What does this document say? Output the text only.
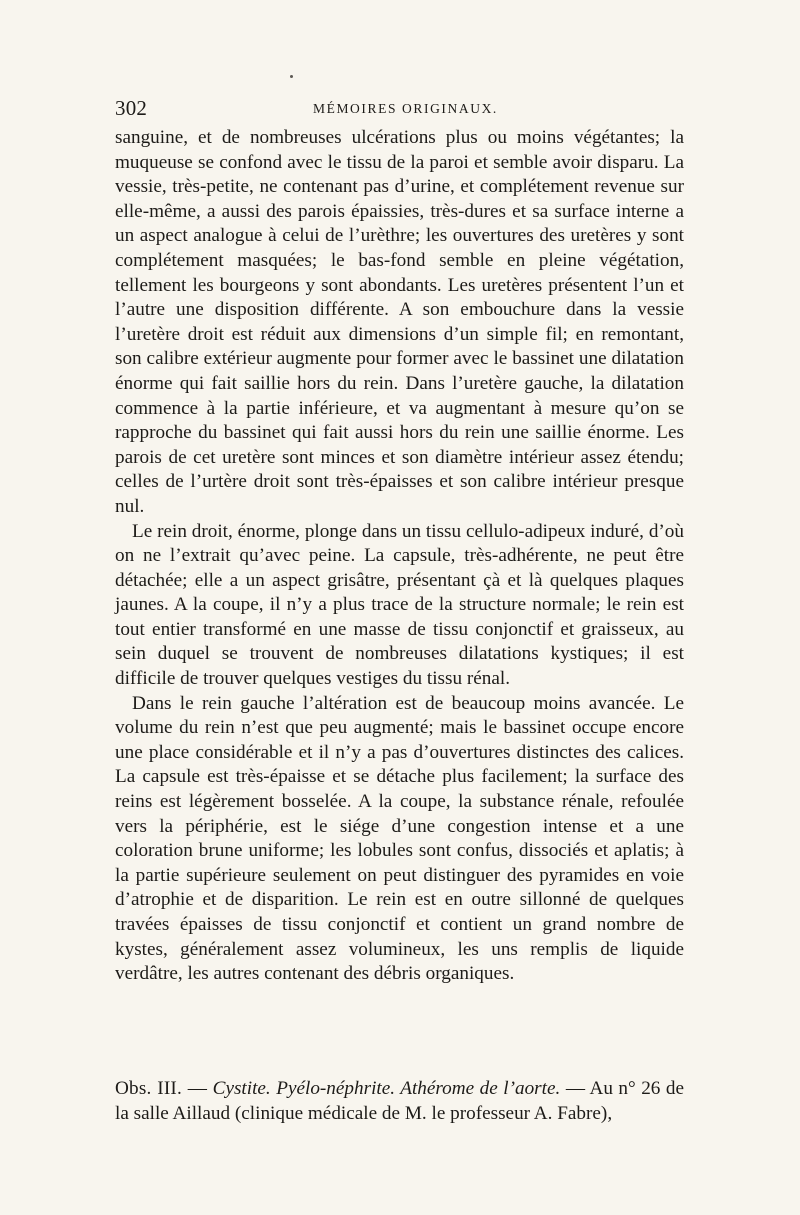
302	MÉMOIRES ORIGINAUX.

sanguine, et de nombreuses ulcérations plus ou moins végétantes; la muqueuse se confond avec le tissu de la paroi et semble avoir disparu. La vessie, très-petite, ne contenant pas d’urine, et complétement revenue sur elle-même, a aussi des parois épaissies, très-dures et sa surface interne a un aspect analogue à celui de l’urèthre; les ouvertures des uretères y sont complétement masquées; le bas-fond semble en pleine végétation, tellement les bourgeons y sont abondants. Les uretères présentent l’un et l’autre une disposition différente. A son embouchure dans la vessie l’uretère droit est réduit aux dimensions d’un simple fil; en remontant, son calibre extérieur augmente pour former avec le bassinet une dilatation énorme qui fait saillie hors du rein. Dans l’uretère gauche, la dilatation commence à la partie inférieure, et va augmentant à mesure qu’on se rapproche du bassinet qui fait aussi hors du rein une saillie énorme. Les parois de cet uretère sont minces et son diamètre intérieur assez étendu; celles de l’urtère droit sont très-épaisses et son calibre intérieur presque nul.

Le rein droit, énorme, plonge dans un tissu cellulo-adipeux induré, d’où on ne l’extrait qu’avec peine. La capsule, très-adhérente, ne peut être détachée; elle a un aspect grisâtre, présentant çà et là quelques plaques jaunes. A la coupe, il n’y a plus trace de la structure normale; le rein est tout entier transformé en une masse de tissu conjonctif et graisseux, au sein duquel se trouvent de nombreuses dilatations kystiques; il est difficile de trouver quelques vestiges du tissu rénal.

Dans le rein gauche l’altération est de beaucoup moins avancée. Le volume du rein n’est que peu augmenté; mais le bassinet occupe encore une place considérable et il n’y a pas d’ouvertures distinctes des calices. La capsule est très-épaisse et se détache plus facilement; la surface des reins est légèrement bosselée. A la coupe, la substance rénale, refoulée vers la périphérie, est le siége d’une congestion intense et a une coloration brune uniforme; les lobules sont confus, dissociés et aplatis; à la partie supérieure seulement on peut distinguer des pyramides en voie d’atrophie et de disparition. Le rein est en outre sillonné de quelques travées épaisses de tissu conjonctif et contient un grand nombre de kystes, généralement assez volumineux, les uns remplis de liquide verdâtre, les autres contenant des débris organiques.

Obs. III. — Cystite. Pyélo-néphrite. Athérome de l’aorte. — Au n° 26 de la salle Aillaud (clinique médicale de M. le professeur A. Fabre),
